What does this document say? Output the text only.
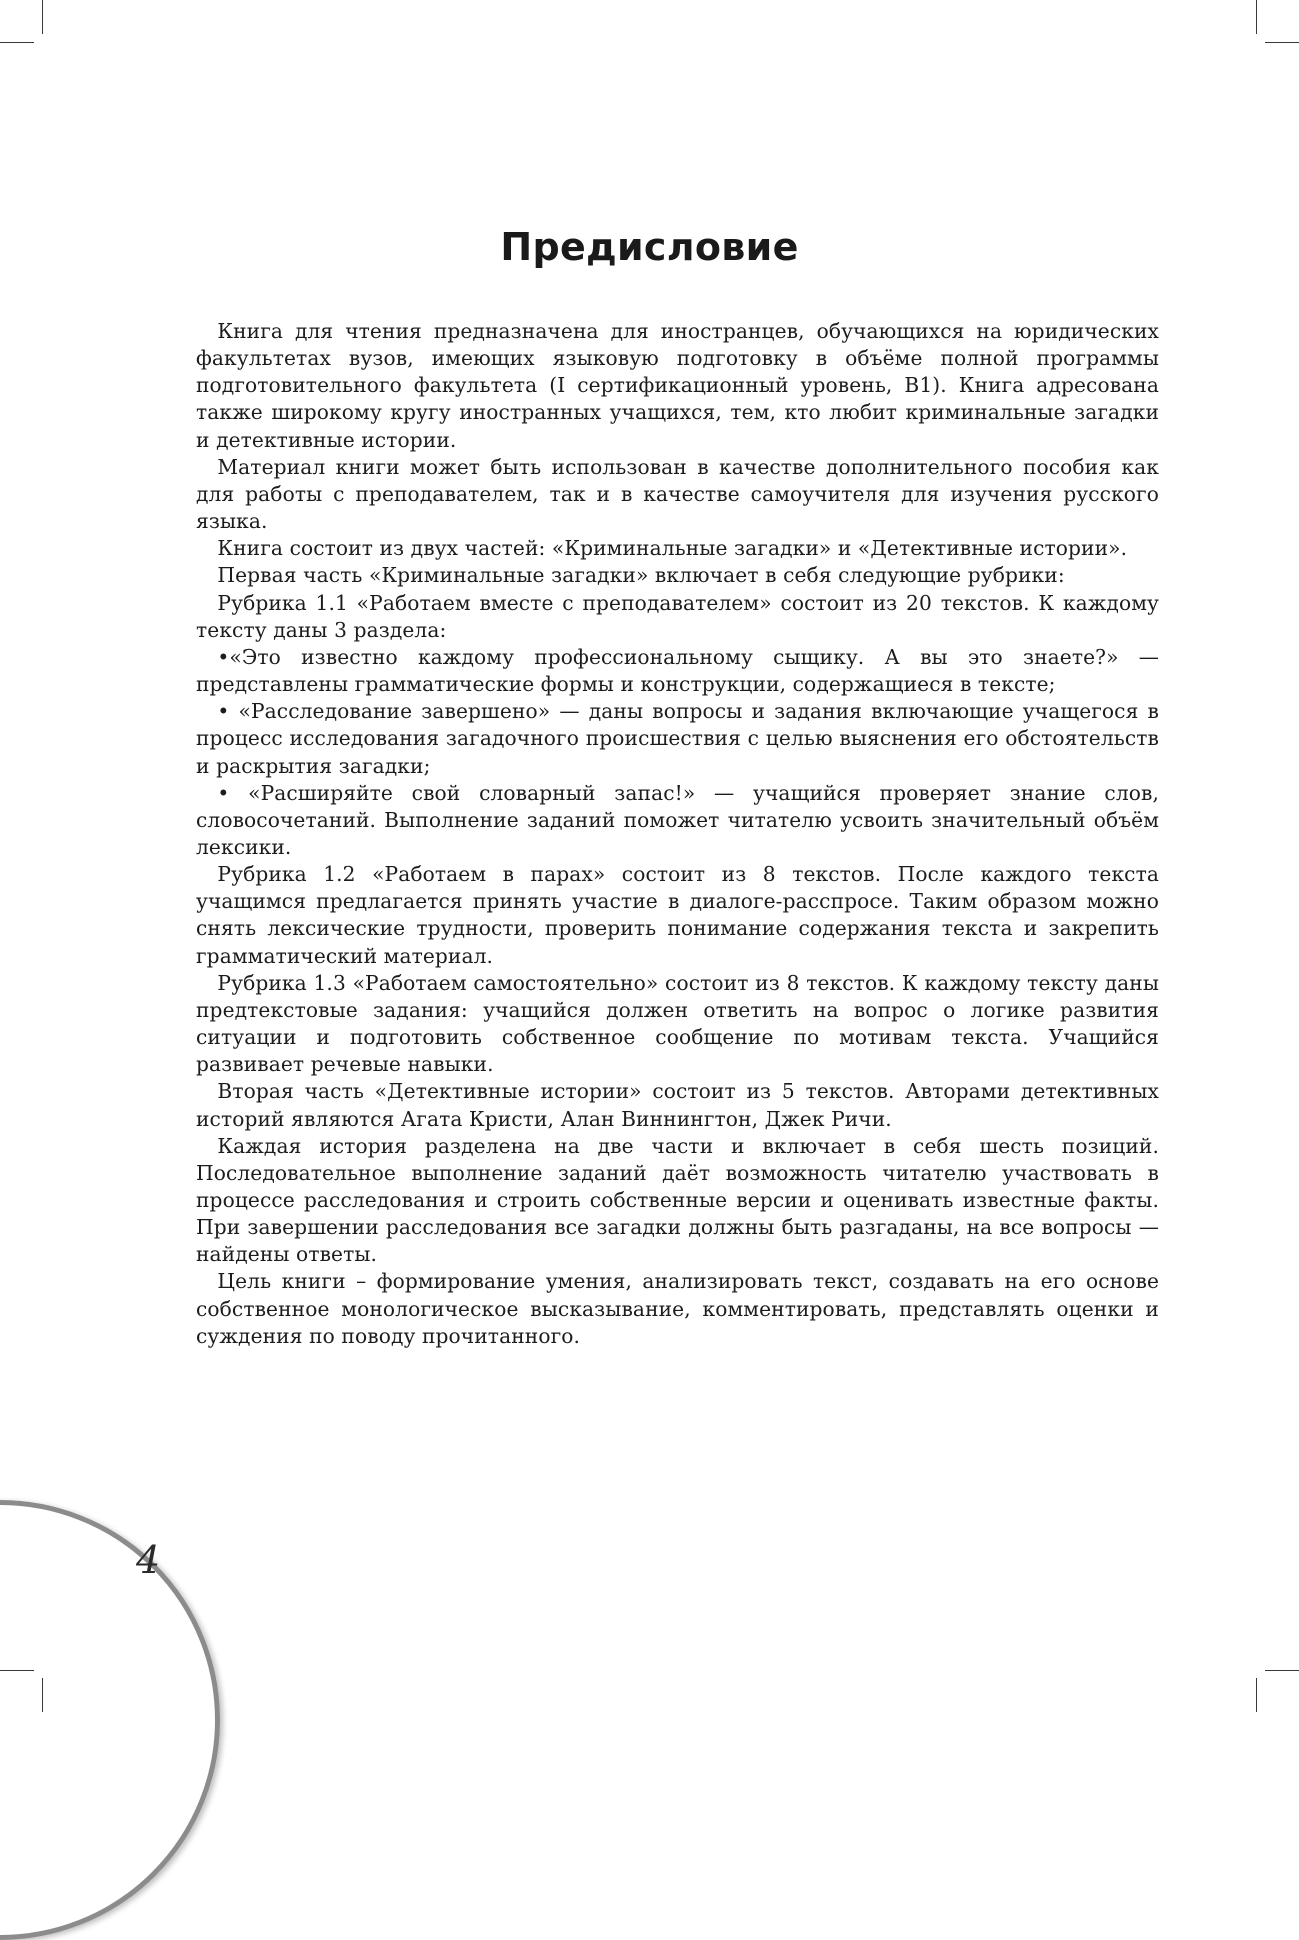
Предисловие

Книга для чтения предназначена для иностранцев, обучающихся на юридических факультетах вузов, имеющих языковую подготовку в объёме полной программы подготовительного факультета (I сертификационный уровень, B1). Книга адресована также широкому кругу иностранных учащихся, тем, кто любит криминальные загадки и детективные истории.

Материал книги может быть использован в качестве дополнительного пособия как для работы с преподавателем, так и в качестве самоучителя для изучения русского языка.

Книга состоит из двух частей: «Криминальные загадки» и «Детективные истории».

Первая часть «Криминальные загадки» включает в себя следующие рубрики:

Рубрика 1.1 «Работаем вместе с преподавателем» состоит из 20 текстов. К каждому тексту даны 3 раздела:

•«Это известно каждому профессиональному сыщику. А вы это знаете?» — представлены грамматические формы и конструкции, содержащиеся в тексте;

• «Расследование завершено» — даны вопросы и задания включающие учащегося в процесс исследования загадочного происшествия с целью выяснения его обстоятельств и раскрытия загадки;

• «Расширяйте свой словарный запас!» — учащийся проверяет знание слов, словосочетаний. Выполнение заданий поможет читателю усвоить значительный объём лексики.

Рубрика 1.2 «Работаем в парах» состоит из 8 текстов. После каждого текста учащимся предлагается принять участие в диалоге-расспросе. Таким образом можно снять лексические трудности, проверить понимание содержания текста и закрепить грамматический материал.

Рубрика 1.3 «Работаем самостоятельно» состоит из 8 текстов. К каждому тексту даны предтекстовые задания: учащийся должен ответить на вопрос о логике развития ситуации и подготовить собственное сообщение по мотивам текста. Учащийся развивает речевые навыки.

Вторая часть «Детективные истории» состоит из 5 текстов. Авторами детективных историй являются Агата Кристи, Алан Виннингтон, Джек Ричи.

Каждая история разделена на две части и включает в себя шесть позиций. Последовательное выполнение заданий даёт возможность читателю участвовать в процессе расследования и строить собственные версии и оценивать известные факты. При завершении расследования все загадки должны быть разгаданы, на все вопросы — найдены ответы.

Цель книги – формирование умения, анализировать текст, создавать на его основе собственное монологическое высказывание, комментировать, представлять оценки и суждения по поводу прочитанного.

4
